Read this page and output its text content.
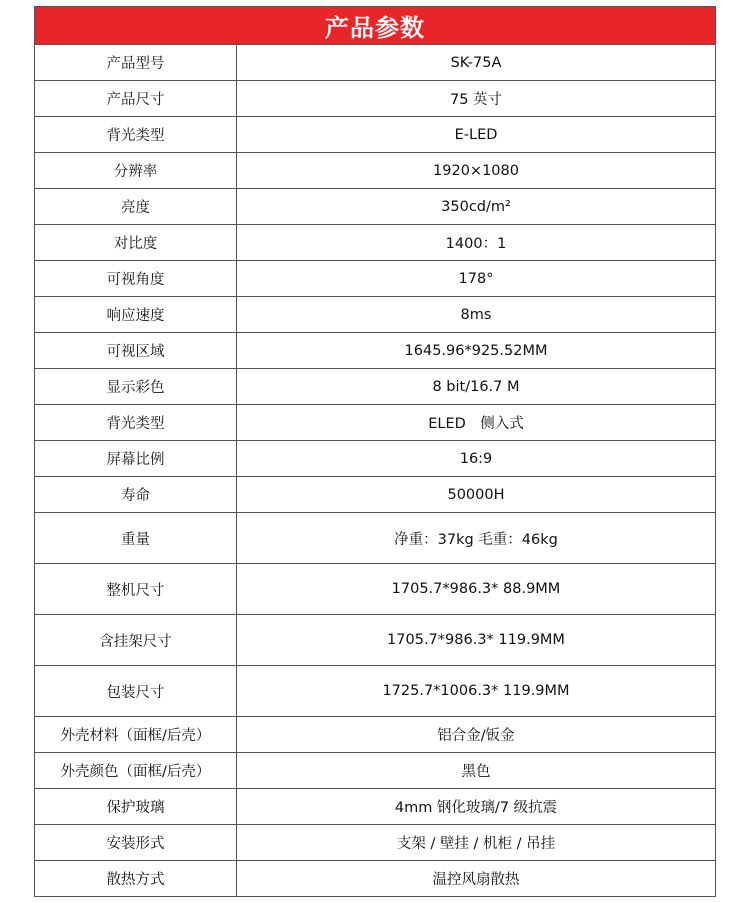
产品参数
产品型号	SK-75A
产品尺寸	75 英寸
背光类型	E-LED
分辨率	1920×1080
亮度	350cd/m²
对比度	1400：1
可视角度	178°
响应速度	8ms
可视区域	1645.96*925.52MM
显示彩色	8 bit/16.7 M
背光类型	ELED　侧入式
屏幕比例	16:9
寿命	50000H
重量	净重：37kg 毛重：46kg
整机尺寸	1705.7*986.3* 88.9MM
含挂架尺寸	1705.7*986.3* 119.9MM
包装尺寸	1725.7*1006.3* 119.9MM
外壳材料（面框/后壳）	铝合金/钣金
外壳颜色（面框/后壳）	黑色
保护玻璃	4mm 钢化玻璃/7 级抗震
安装形式	支架 / 壁挂 / 机柜 / 吊挂
散热方式	温控风扇散热
